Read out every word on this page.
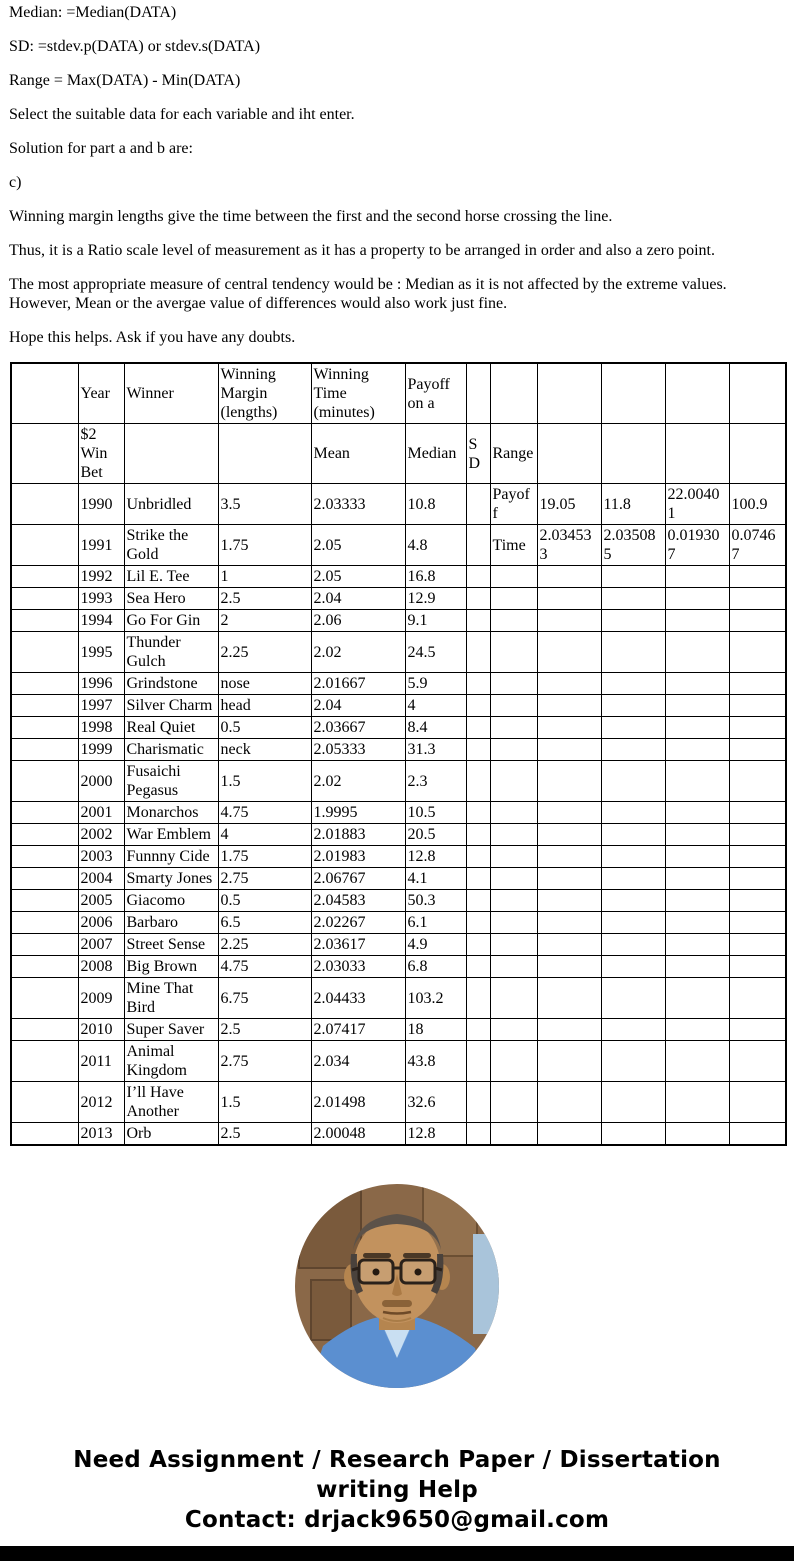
Median: =Median(DATA)

SD: =stdev.p(DATA) or stdev.s(DATA)

Range = Max(DATA) - Min(DATA)

Select the suitable data for each variable and iht enter.

Solution for part a and b are:

c)

Winning margin lengths give the time between the first and the second horse crossing the line.

Thus, it is a Ratio scale level of measurement as it has a property to be arranged in order and also a zero point.

The most appropriate measure of central tendency would be : Median as it is not affected by the extreme values. However, Mean or the avergae value of differences would also work just fine.

Hope this helps. Ask if you have any doubts.

	Year	Winner	Winning Margin (lengths)	Winning Time (minutes)	Payoff on a						
	$2 Win Bet			Mean	Median	SD	Range				
	1990	Unbridled	3.5	2.03333	10.8		Payoff	19.05	11.8	22.00401	100.9
	1991	Strike the Gold	1.75	2.05	4.8		Time	2.034533	2.035085	0.019307	0.07467
	1992	Lil E. Tee	1	2.05	16.8						
	1993	Sea Hero	2.5	2.04	12.9						
	1994	Go For Gin	2	2.06	9.1						
	1995	Thunder Gulch	2.25	2.02	24.5						
	1996	Grindstone	nose	2.01667	5.9						
	1997	Silver Charm	head	2.04	4						
	1998	Real Quiet	0.5	2.03667	8.4						
	1999	Charismatic	neck	2.05333	31.3						
	2000	Fusaichi Pegasus	1.5	2.02	2.3						
	2001	Monarchos	4.75	1.9995	10.5						
	2002	War Emblem	4	2.01883	20.5						
	2003	Funnny Cide	1.75	2.01983	12.8						
	2004	Smarty Jones	2.75	2.06767	4.1						
	2005	Giacomo	0.5	2.04583	50.3						
	2006	Barbaro	6.5	2.02267	6.1						
	2007	Street Sense	2.25	2.03617	4.9						
	2008	Big Brown	4.75	2.03033	6.8						
	2009	Mine That Bird	6.75	2.04433	103.2						
	2010	Super Saver	2.5	2.07417	18						
	2011	Animal Kingdom	2.75	2.034	43.8						
	2012	I’ll Have Another	1.5	2.01498	32.6						
	2013	Orb	2.5	2.00048	12.8						
Need Assignment / Research Paper / Dissertation
writing Help
Contact: drjack9650@gmail.com
